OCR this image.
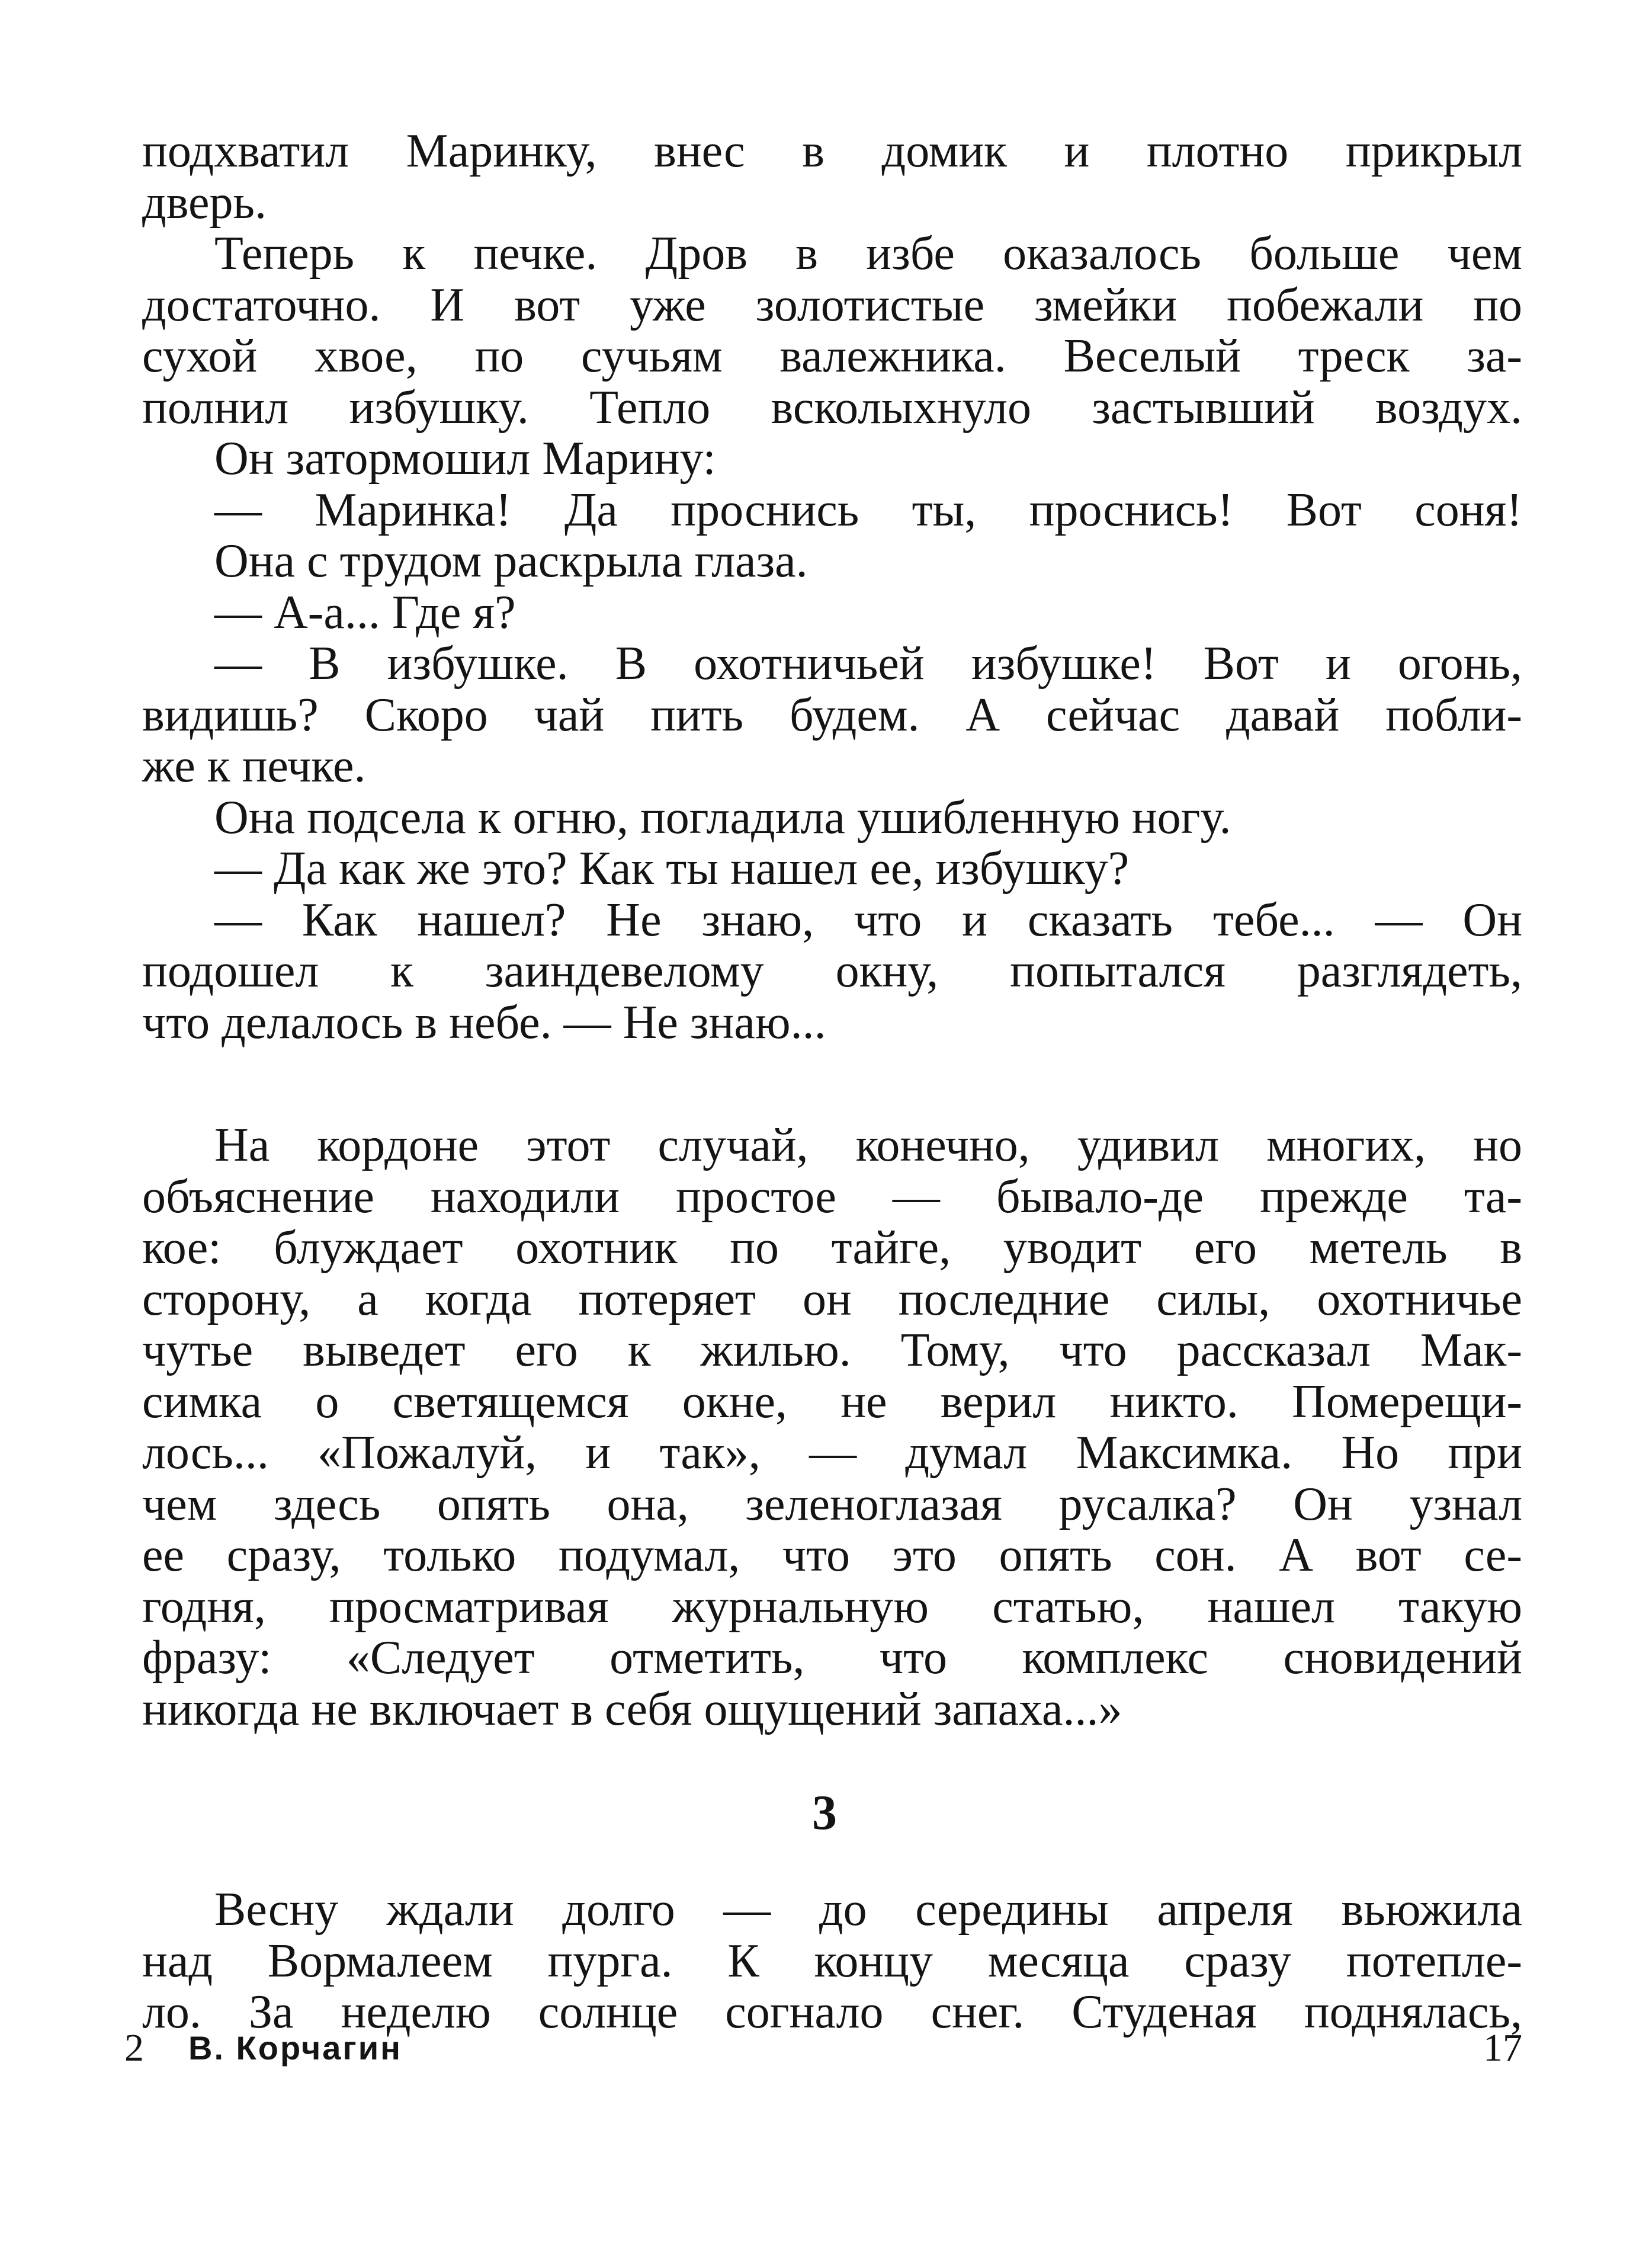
подхватил Маринку, внес в домик и плотно прикрыл
дверь.
Теперь к печке. Дров в избе оказалось больше чем
достаточно. И вот уже золотистые змейки побежали по
сухой хвое, по сучьям валежника. Веселый треск за-
полнил избушку. Тепло всколыхнуло застывший воздух.
Он затормошил Марину:
— Маринка! Да проснись ты, проснись! Вот соня!
Она с трудом раскрыла глаза.
— А-а... Где я?
— В избушке. В охотничьей избушке! Вот и огонь,
видишь? Скоро чай пить будем. А сейчас давай побли-
же к печке.
Она подсела к огню, погладила ушибленную ногу.
— Да как же это? Как ты нашел ее, избушку?
— Как нашел? Не знаю, что и сказать тебе... — Он
подошел к заиндевелому окну, попытался разглядеть,
что делалось в небе. — Не знаю...
На кордоне этот случай, конечно, удивил многих, но
объяснение находили простое — бывало-де прежде та-
кое: блуждает охотник по тайге, уводит его метель в
сторону, а когда потеряет он последние силы, охотничье
чутье выведет его к жилью. Тому, что рассказал Мак-
симка о светящемся окне, не верил никто. Померещи-
лось... «Пожалуй, и так», — думал Максимка. Но при
чем здесь опять она, зеленоглазая русалка? Он узнал
ее сразу, только подумал, что это опять сон. А вот се-
годня, просматривая журнальную статью, нашел такую
фразу: «Следует отметить, что комплекс сновидений
никогда не включает в себя ощущений запаха...»
3
Весну ждали долго — до середины апреля вьюжила
над Вормалеем пурга. К концу месяца сразу потепле-
ло. За неделю солнце согнало снег. Студеная поднялась,
2 В. Корчагин	17
